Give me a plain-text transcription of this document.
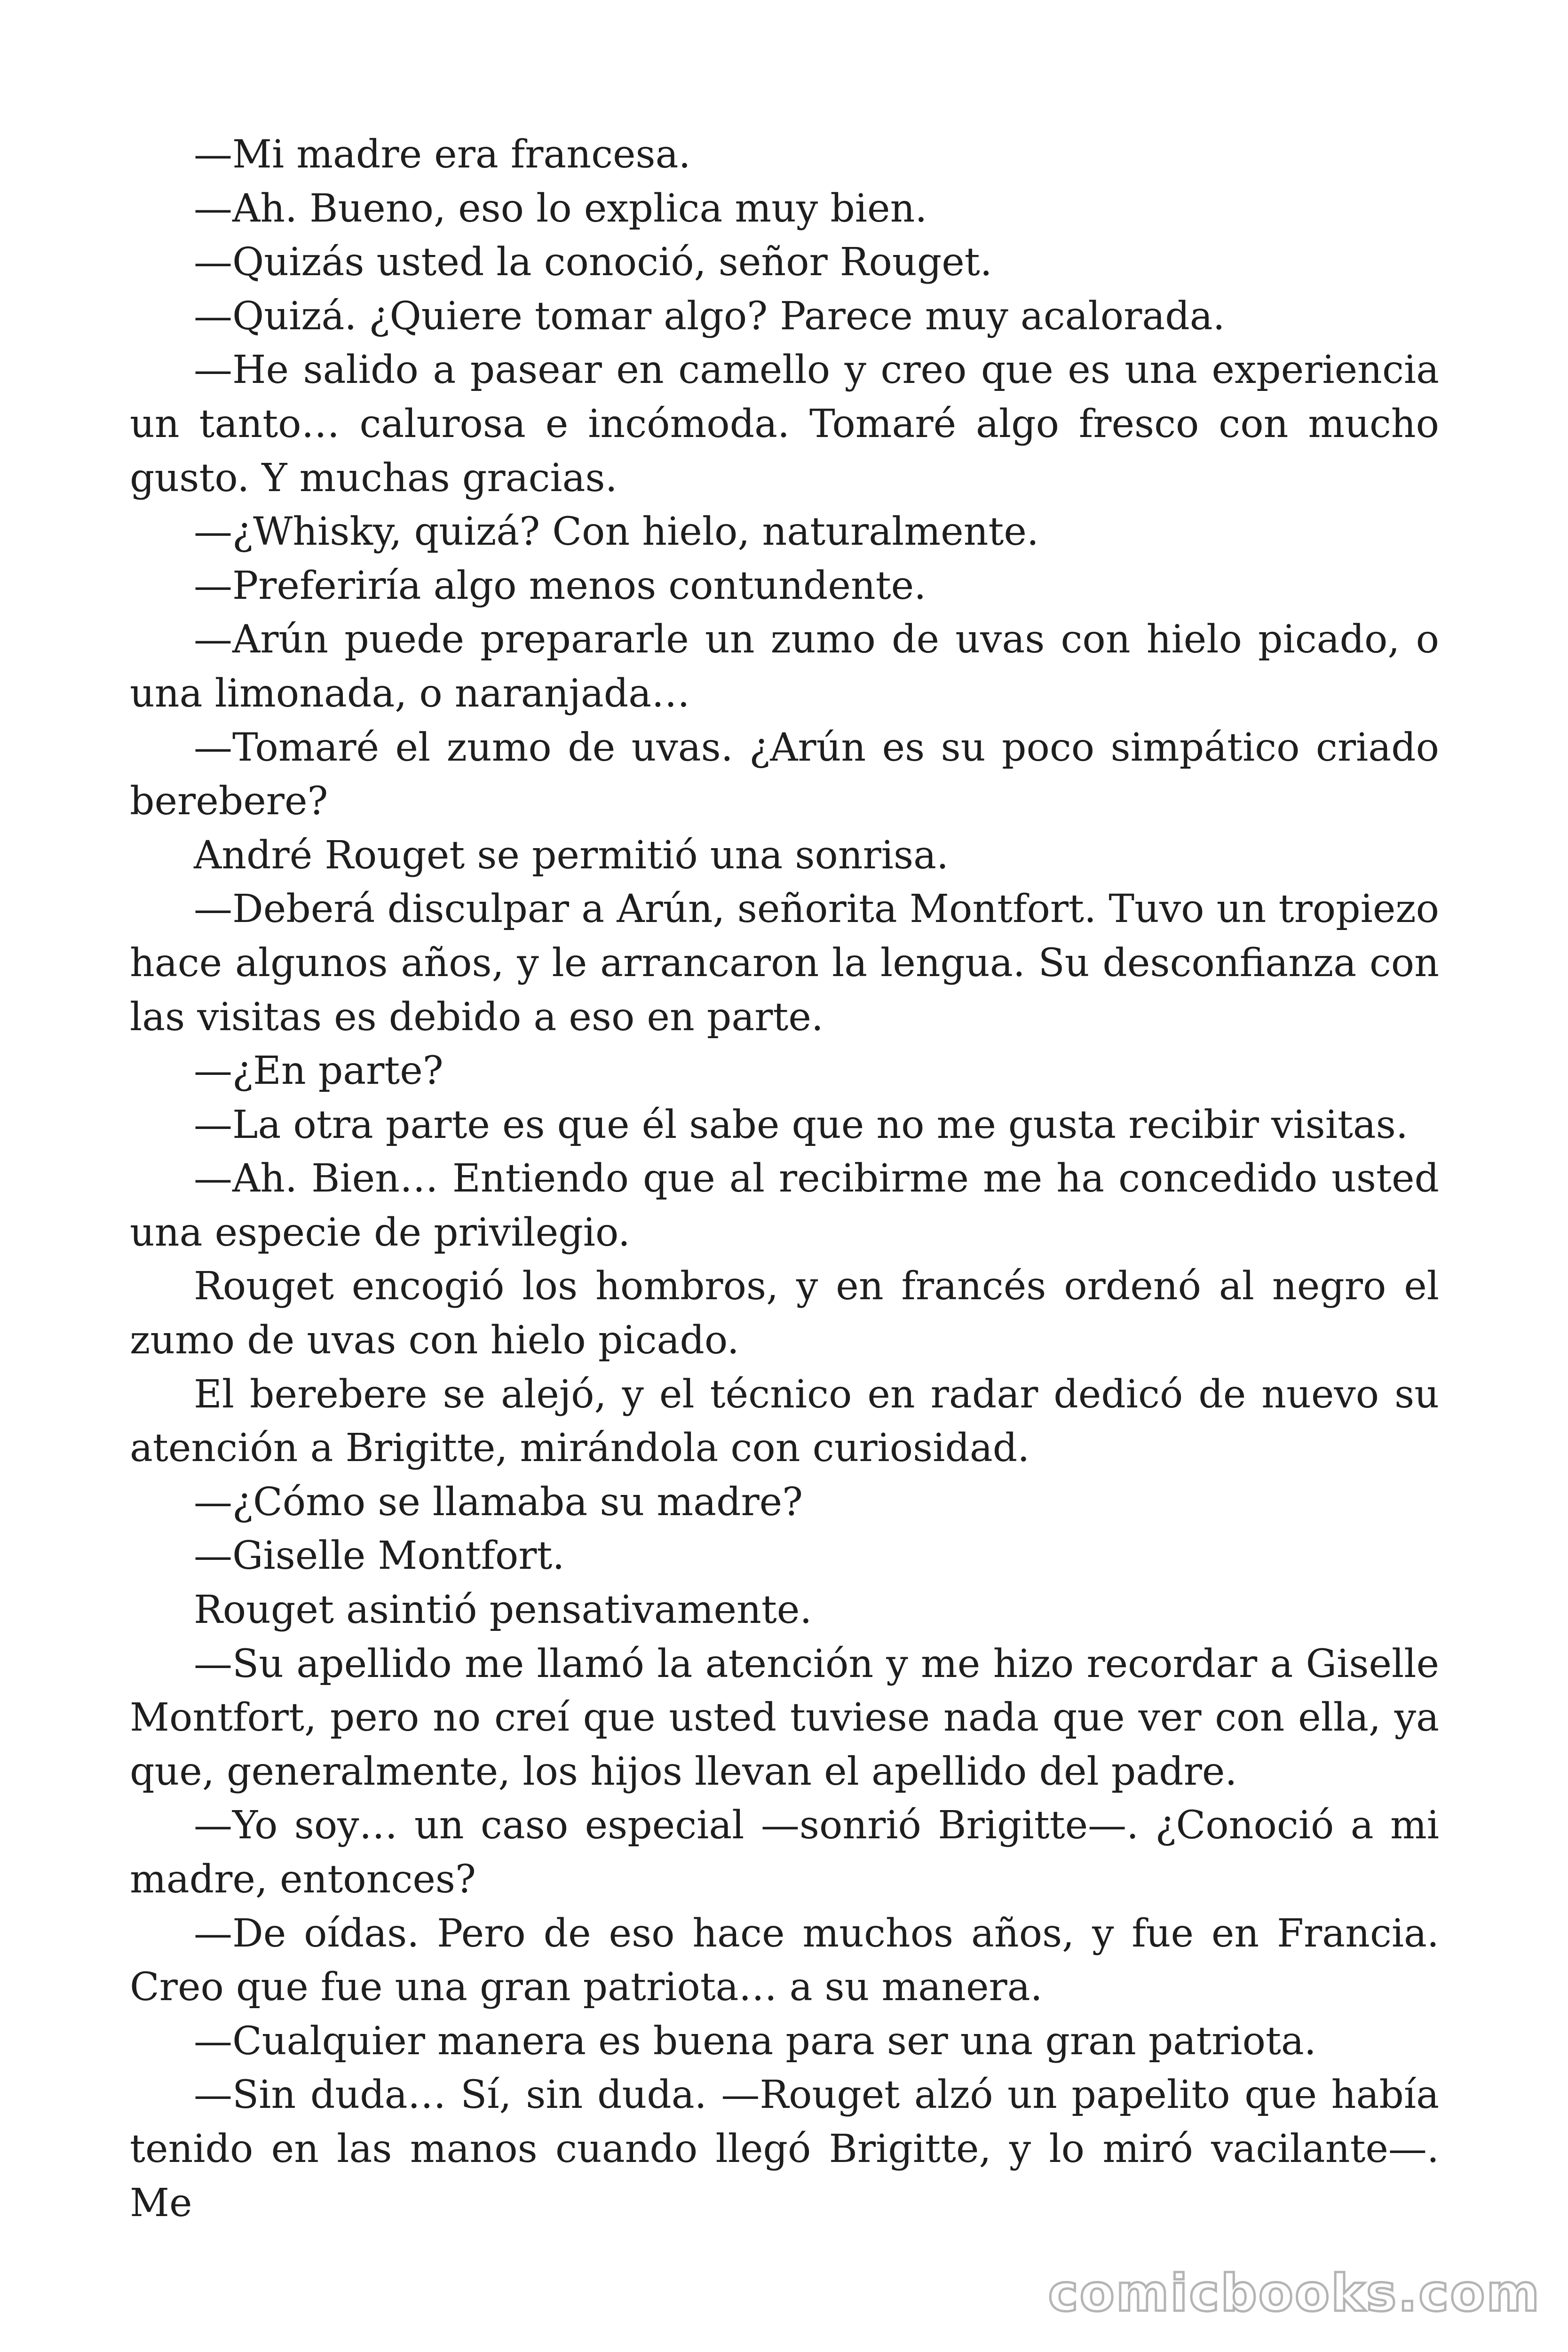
—Mi madre era francesa.

—Ah. Bueno, eso lo explica muy bien.

—Quizás usted la conoció, señor Rouget.

—Quizá. ¿Quiere tomar algo? Parece muy acalorada.

—He salido a pasear en camello y creo que es una experiencia un tanto… calurosa e incómoda. Tomaré algo fresco con mucho gusto. Y muchas gracias.

—¿Whisky, quizá? Con hielo, naturalmente.

—Preferiría algo menos contundente.

—Arún puede prepararle un zumo de uvas con hielo picado, o una limonada, o naranjada…

—Tomaré el zumo de uvas. ¿Arún es su poco simpático criado berebere?

André Rouget se permitió una sonrisa.

—Deberá disculpar a Arún, señorita Montfort. Tuvo un tropiezo hace algunos años, y le arrancaron la lengua. Su desconfianza con las visitas es debido a eso en parte.

—¿En parte?

—La otra parte es que él sabe que no me gusta recibir visitas.

—Ah. Bien… Entiendo que al recibirme me ha concedido usted una especie de privilegio.

Rouget encogió los hombros, y en francés ordenó al negro el zumo de uvas con hielo picado.

El berebere se alejó, y el técnico en radar dedicó de nuevo su atención a Brigitte, mirándola con curiosidad.

—¿Cómo se llamaba su madre?

—Giselle Montfort.

Rouget asintió pensativamente.

—Su apellido me llamó la atención y me hizo recordar a Giselle Montfort, pero no creí que usted tuviese nada que ver con ella, ya que, generalmente, los hijos llevan el apellido del padre.

—Yo soy… un caso especial —sonrió Brigitte—. ¿Conoció a mi madre, entonces?

—De oídas. Pero de eso hace muchos años, y fue en Francia. Creo que fue una gran patriota… a su manera.

—Cualquier manera es buena para ser una gran patriota.

—Sin duda… Sí, sin duda. —Rouget alzó un papelito que había tenido en las manos cuando llegó Brigitte, y lo miró vacilante—. Me

comicbooks.com
